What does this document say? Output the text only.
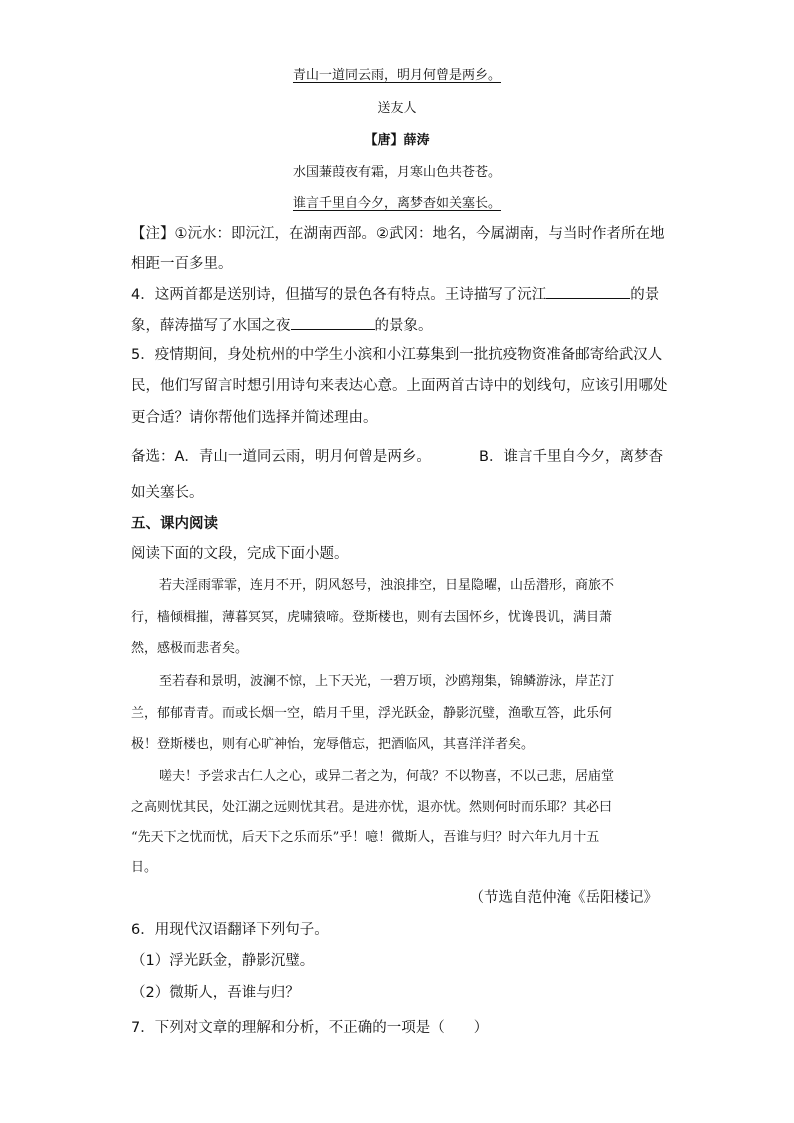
青山一道同云雨，明月何曾是两乡。
送友人
【唐】薛涛
水国蒹葭夜有霜，月寒山色共苍苍。
谁言千里自今夕，离梦杳如关塞长。
【注】①沅水：即沅江，在湖南西部。②武冈：地名，今属湖南，与当时作者所在地
相距一百多里。
4．这两首都是送别诗，但描写的景色各有特点。王诗描写了沅江	的景
象，薛涛描写了水国之夜	的景象。
5．疫情期间，身处杭州的中学生小滨和小江募集到一批抗疫物资准备邮寄给武汉人
民，他们写留言时想引用诗句来表达心意。上面两首古诗中的划线句，应该引用哪处
更合适？请你帮他们选择并简述理由。
备选：A．青山一道同云雨，明月何曾是两乡。	B．谁言千里自今夕，离梦杳
如关塞长。
五、课内阅读
阅读下面的文段，完成下面小题。
若夫淫雨霏霏，连月不开，阴风怒号，浊浪排空，日星隐曜，山岳潜形，商旅不
行，樯倾楫摧，薄暮冥冥，虎啸猿啼。登斯楼也，则有去国怀乡，忧谗畏讥，满目萧
然，感极而悲者矣。
至若春和景明，波澜不惊，上下天光，一碧万顷，沙鸥翔集，锦鳞游泳，岸芷汀
兰，郁郁青青。而或长烟一空，皓月千里，浮光跃金，静影沉璧，渔歌互答，此乐何
极！登斯楼也，则有心旷神怡，宠辱偕忘，把酒临风，其喜洋洋者矣。
嗟夫！予尝求古仁人之心，或异二者之为，何哉？不以物喜，不以己悲，居庙堂
之高则忧其民，处江湖之远则忧其君。是进亦忧，退亦忧。然则何时而乐耶？其必曰
“先天下之忧而忧，后天下之乐而乐”乎！噫！微斯人，吾谁与归？时六年九月十五
日。
（节选自范仲淹《岳阳楼记》
6．用现代汉语翻译下列句子。
（1）浮光跃金，静影沉璧。
（2）微斯人，吾谁与归？
7．下列对文章的理解和分析，不正确的一项是（　　）
